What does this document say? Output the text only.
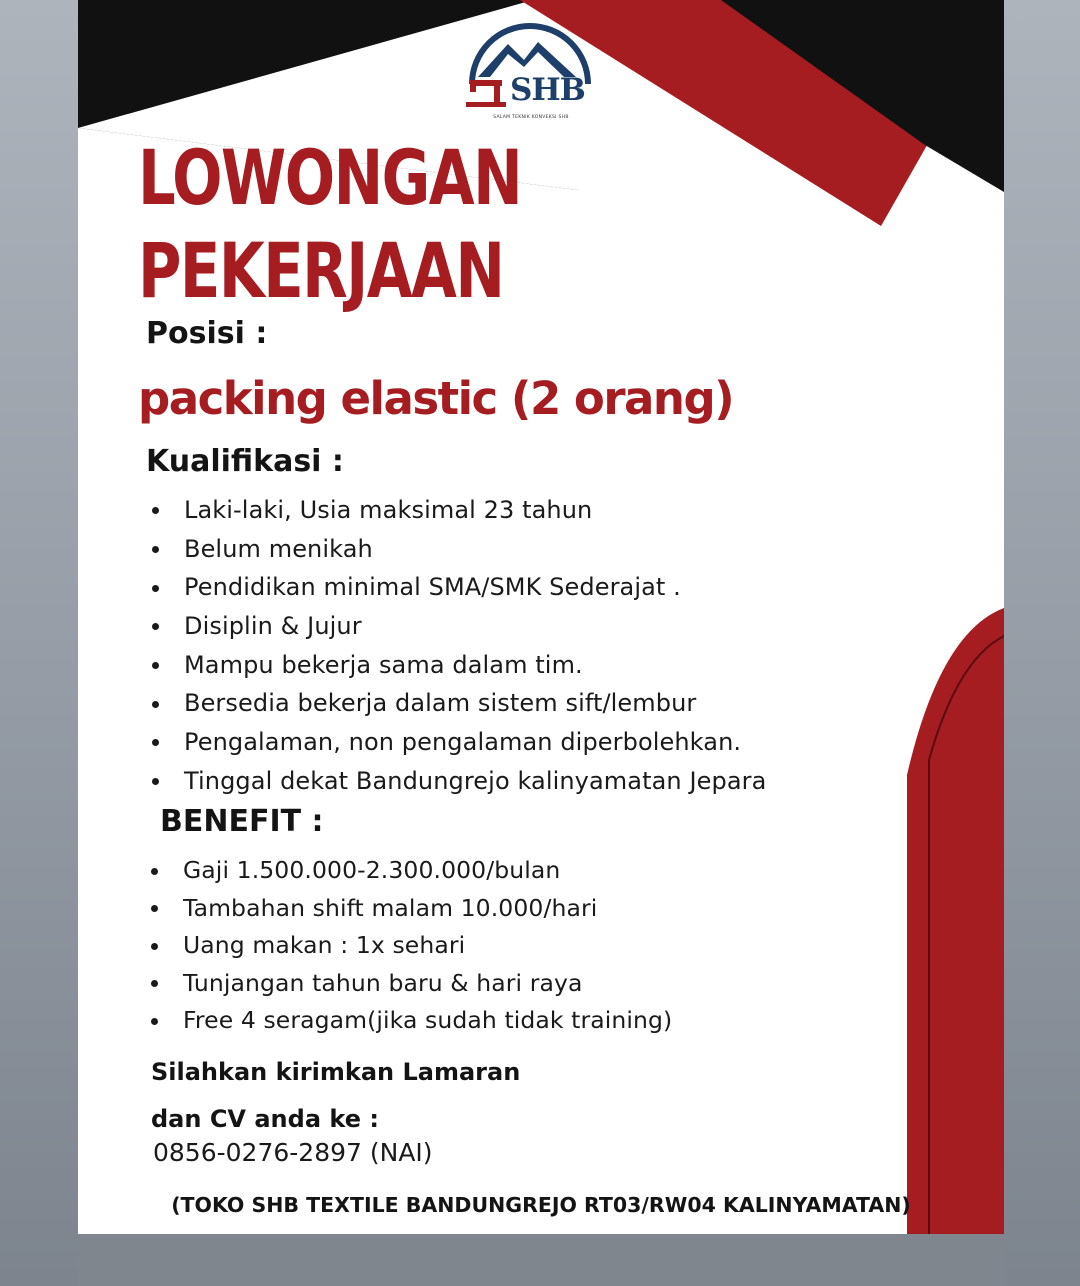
SHB
SALAM TEKNIK KONVEKSI SHB
LOWONGAN
PEKERJAAN
Posisi :
packing elastic (2 orang)
Kualifikasi :
Laki-laki, Usia maksimal 23 tahun
Belum menikah
Pendidikan minimal SMA/SMK Sederajat .
Disiplin & Jujur
Mampu bekerja sama dalam tim.
Bersedia bekerja dalam sistem sift/lembur
Pengalaman, non pengalaman diperbolehkan.
Tinggal dekat Bandungrejo kalinyamatan Jepara
BENEFIT :
Gaji 1.500.000-2.300.000/bulan
Tambahan shift malam 10.000/hari
Uang makan : 1x sehari
Tunjangan tahun baru & hari raya
Free 4 seragam(jika sudah tidak training)
Silahkan kirimkan Lamaran
dan CV anda ke :
0856-0276-2897 (NAI)
(TOKO SHB TEXTILE BANDUNGREJO RT03/RW04 KALINYAMATAN)
